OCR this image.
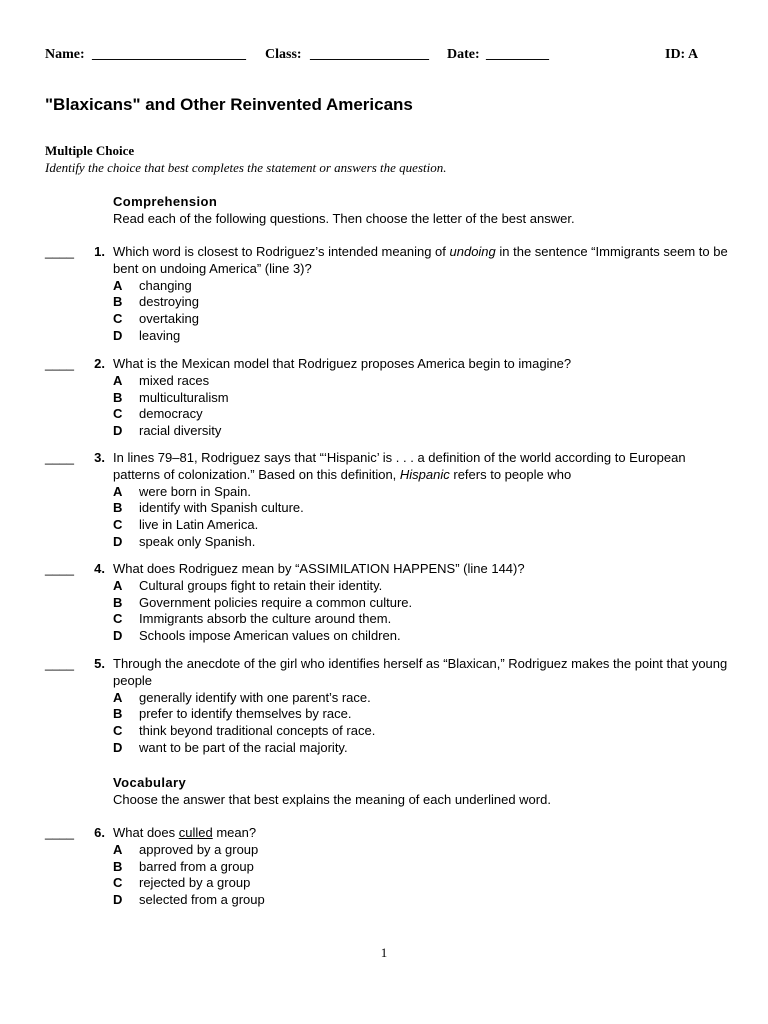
Name: ______________________ Class: _________________ Date: _________	ID: A
"Blaxicans" and Other Reinvented Americans
Multiple Choice
Identify the choice that best completes the statement or answers the question.
Comprehension
Read each of the following questions. Then choose the letter of the best answer.
____	1. Which word is closest to Rodriguez’s intended meaning of undoing in the sentence “Immigrants seem to be bent on undoing America” (line 3)?
A	changing
B	destroying
C	overtaking
D	leaving
____	2. What is the Mexican model that Rodriguez proposes America begin to imagine?
A	mixed races
B	multiculturalism
C	democracy
D	racial diversity
____	3. In lines 79–81, Rodriguez says that “‘Hispanic’ is . . . a definition of the world according to European patterns of colonization.” Based on this definition, Hispanic refers to people who
A	were born in Spain.
B	identify with Spanish culture.
C	live in Latin America.
D	speak only Spanish.
____	4. What does Rodriguez mean by “ASSIMILATION HAPPENS” (line 144)?
A	Cultural groups fight to retain their identity.
B	Government policies require a common culture.
C	Immigrants absorb the culture around them.
D	Schools impose American values on children.
____	5. Through the anecdote of the girl who identifies herself as “Blaxican,” Rodriguez makes the point that young people
A	generally identify with one parent’s race.
B	prefer to identify themselves by race.
C	think beyond traditional concepts of race.
D	want to be part of the racial majority.
Vocabulary
Choose the answer that best explains the meaning of each underlined word.
____	6. What does culled mean?
A	approved by a group
B	barred from a group
C	rejected by a group
D	selected from a group
1
